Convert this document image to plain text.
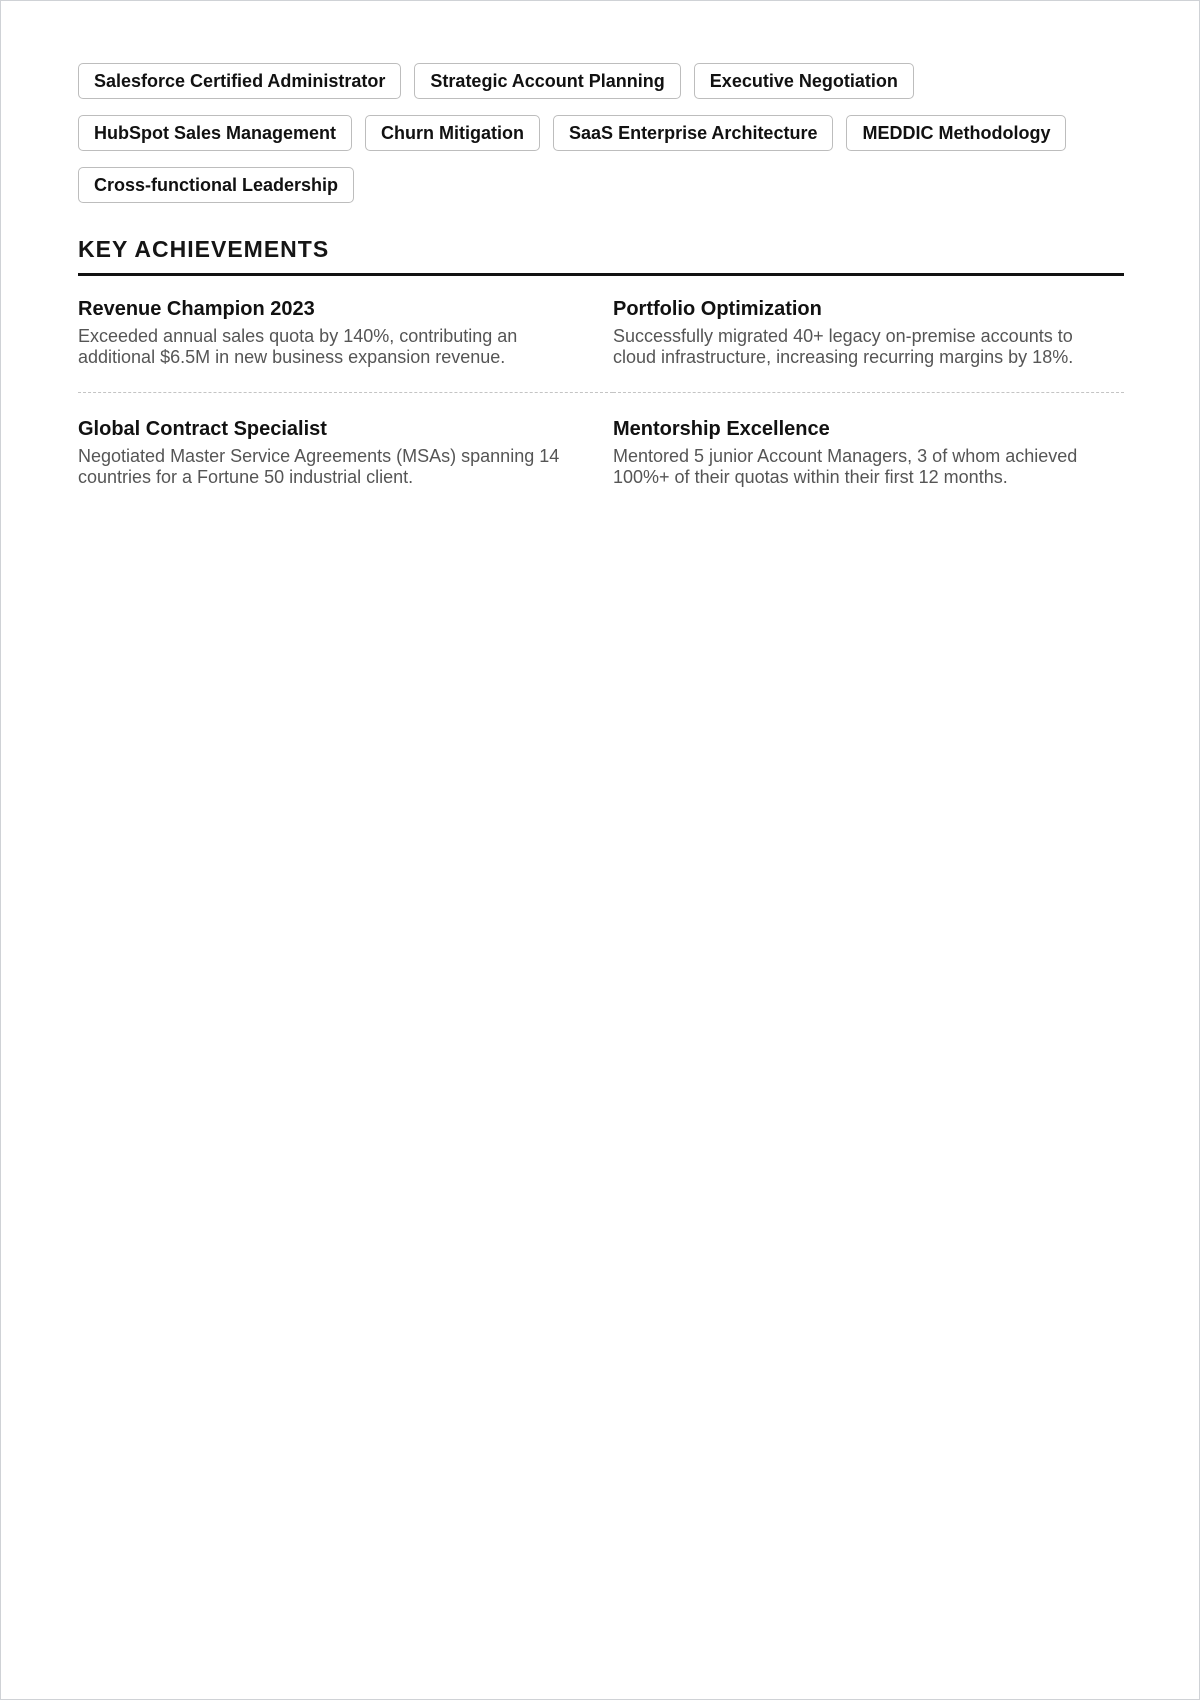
Salesforce Certified Administrator	Strategic Account Planning	Executive Negotiation
HubSpot Sales Management	Churn Mitigation	SaaS Enterprise Architecture	MEDDIC Methodology
Cross-functional Leadership
KEY ACHIEVEMENTS
Revenue Champion 2023
Exceeded annual sales quota by 140%, contributing an additional $6.5M in new business expansion revenue.
Portfolio Optimization
Successfully migrated 40+ legacy on-premise accounts to cloud infrastructure, increasing recurring margins by 18%.
Global Contract Specialist
Negotiated Master Service Agreements (MSAs) spanning 14 countries for a Fortune 50 industrial client.
Mentorship Excellence
Mentored 5 junior Account Managers, 3 of whom achieved 100%+ of their quotas within their first 12 months.
